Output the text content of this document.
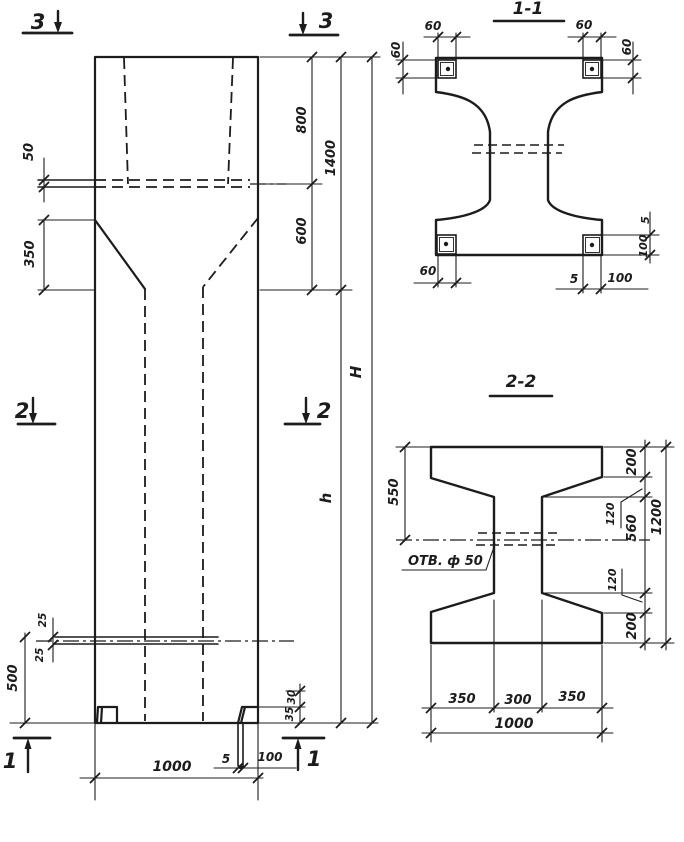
3	3
2	2
1	1
50
350
800
600
1400
h
H
25
25
500
30
35
5 100
1000
1-1
60
60
60
60
60
5 100
5
100
2-2
ОТВ. ф 50
550
200
120
560
120
200
1200
350 300 350
1000
